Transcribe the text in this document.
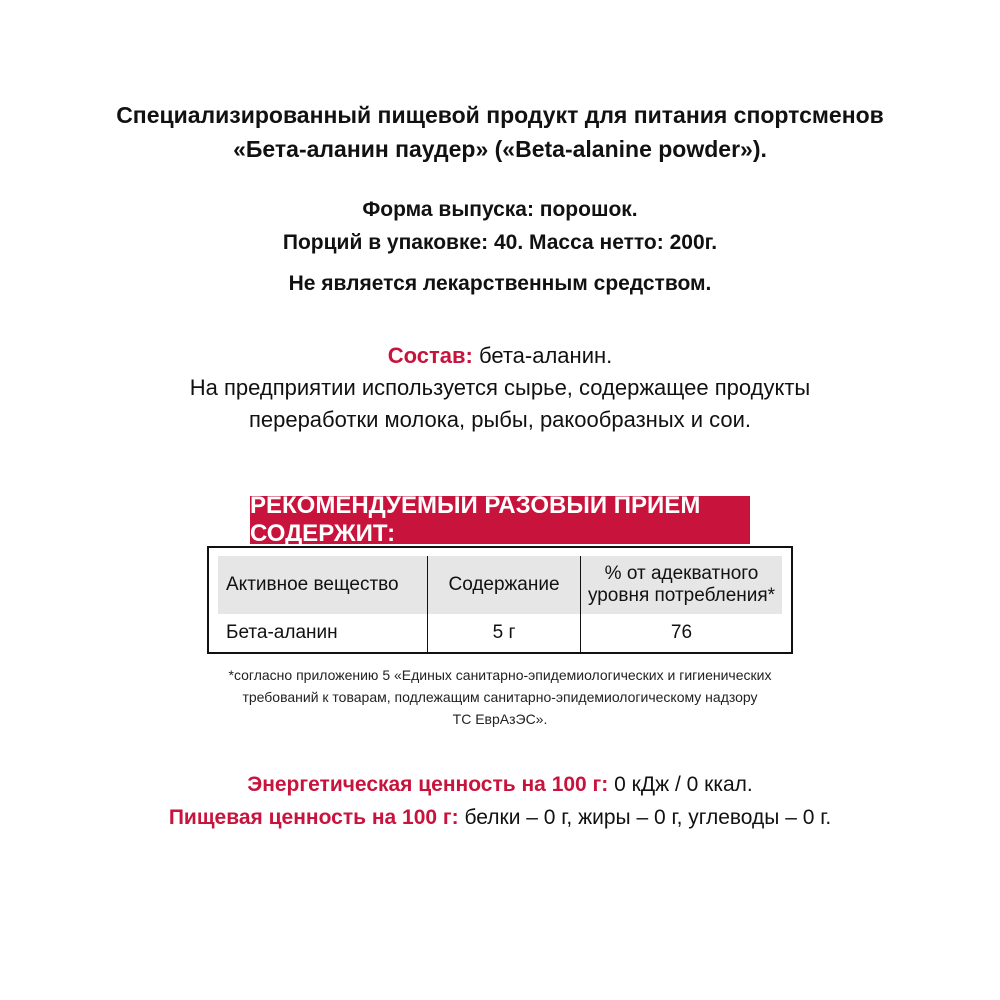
Специализированный пищевой продукт для питания спортсменов
«Бета-аланин паудер» («Beta-alanine powder»).
Форма выпуска: порошок.
Порций в упаковке: 40. Масса нетто: 200г.
Не является лекарственным средством.
Состав: бета-аланин.
На предприятии используется сырье, содержащее продукты
переработки молока, рыбы, ракообразных и сои.
РЕКОМЕНДУЕМЫЙ РАЗОВЫЙ ПРИЁМ СОДЕРЖИТ:
Активное вещество	Содержание	% от адекватного
уровня потребления*

Бета-аланин	5 г	76
*согласно приложению 5 «Единых санитарно-эпидемиологических и гигиенических
требований к товарам, подлежащим санитарно-эпидемиологическому надзору
ТС ЕврАзЭС».
Энергетическая ценность на 100 г: 0 кДж / 0 ккал.
Пищевая ценность на 100 г: белки – 0 г, жиры – 0 г, углеводы – 0 г.
